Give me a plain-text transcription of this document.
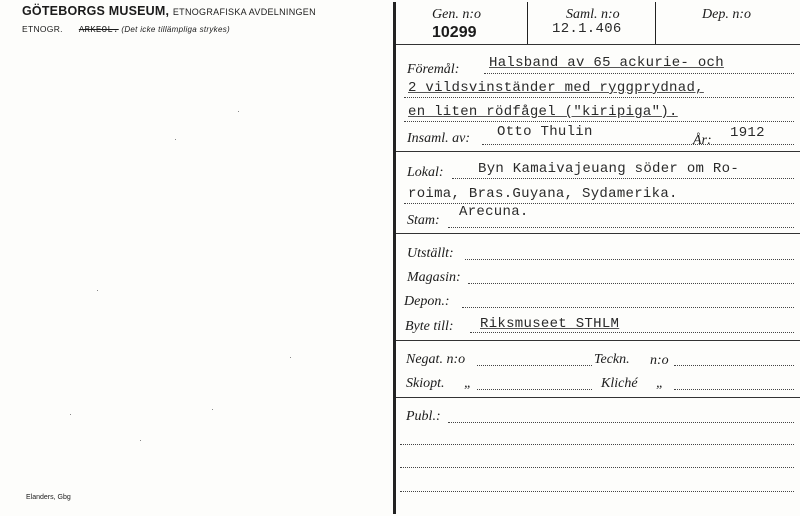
GÖTEBORGS MUSEUM, ETNOGRAFISKA AVDELNINGEN
ETNOGR. ARKEOL. (Det icke tillämpliga strykes)
Elanders, Gbg
Gen. n:o
10299
Saml. n:o
12.1.406
Dep. n:o
Föremål: Halsband av 65 ackurie- och
2 vildsvinständer med ryggprydnad,
en liten rödfågel ("kiripiga").
Insaml. av: Otto Thulin
År: 1912
Lokal: Byn Kamaivajeuang söder om Ro-
roima, Bras.Guyana, Sydamerika.
Arecuna.
Stam:
Utställt:
Magasin:
Depon.:
Byte till: Riksmuseet STHLM
Negat. n:o	Teckn. n:o
Skiopt. „	Kliché „
Publ.:
